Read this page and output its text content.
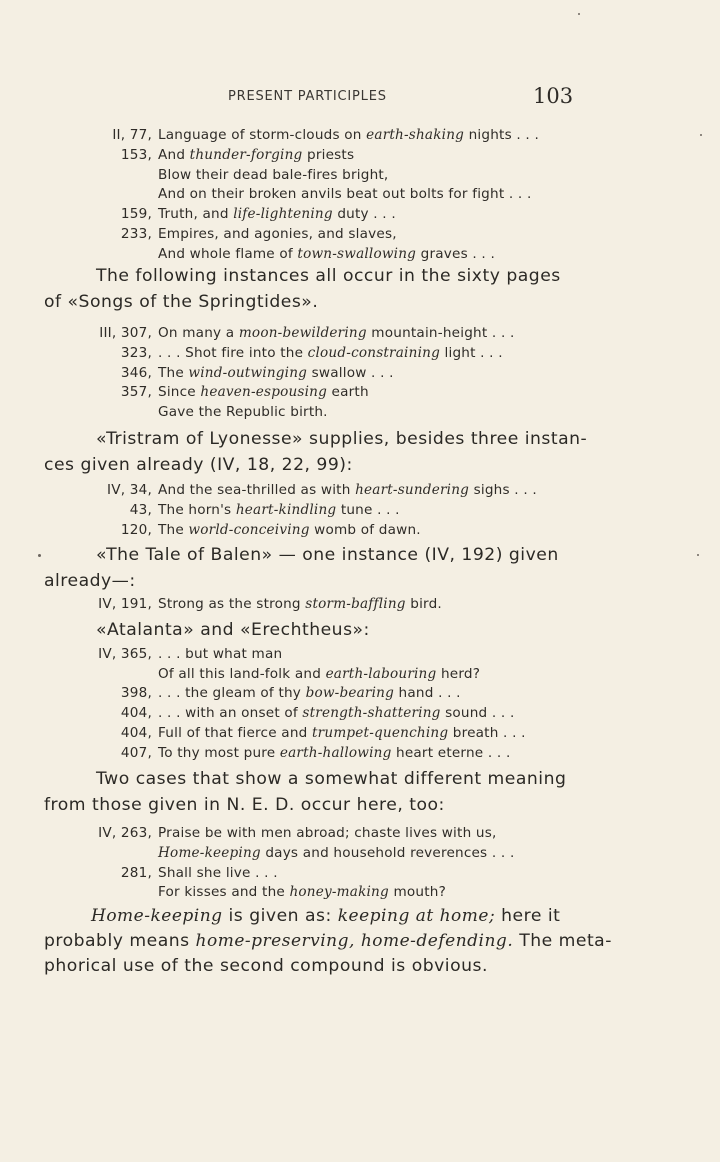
PRESENT PARTICIPLES	103
II, 77, Language of storm-clouds on earth-shaking nights . . .
153, And thunder-forging priests
Blow their dead bale-fires bright,
And on their broken anvils beat out bolts for fight . . .
159, Truth, and life-lightening duty . . .
233, Empires, and agonies, and slaves,
And whole flame of town-swallowing graves . . .
The following instances all occur in the sixty pages
of «Songs of the Springtides».
III, 307, On many a moon-bewildering mountain-height . . .
323, . . . Shot fire into the cloud-constraining light . . .
346, The wind-outwinging swallow . . .
357, Since heaven-espousing earth
Gave the Republic birth.
«Tristram of Lyonesse» supplies, besides three instan-
ces given already (IV, 18, 22, 99):
IV, 34, And the sea-thrilled as with heart-sundering sighs . . .
43, The horn's heart-kindling tune . . .
120, The world-conceiving womb of dawn.
«The Tale of Balen» — one instance (IV, 192) given
already—:
IV, 191, Strong as the strong storm-baffling bird.
«Atalanta» and «Erechtheus»:
IV, 365, . . . but what man
Of all this land-folk and earth-labouring herd?
398, . . . the gleam of thy bow-bearing hand . . .
404, . . . with an onset of strength-shattering sound . . .
404, Full of that fierce and trumpet-quenching breath . . .
407, To thy most pure earth-hallowing heart eterne . . .
Two cases that show a somewhat different meaning
from those given in N. E. D. occur here, too:
IV, 263, Praise be with men abroad; chaste lives with us,
Home-keeping days and household reverences . . .
281, Shall she live . . .
For kisses and the honey-making mouth?
Home-keeping is given as: keeping at home; here it
probably means home-preserving, home-defending. The meta-
phorical use of the second compound is obvious.
